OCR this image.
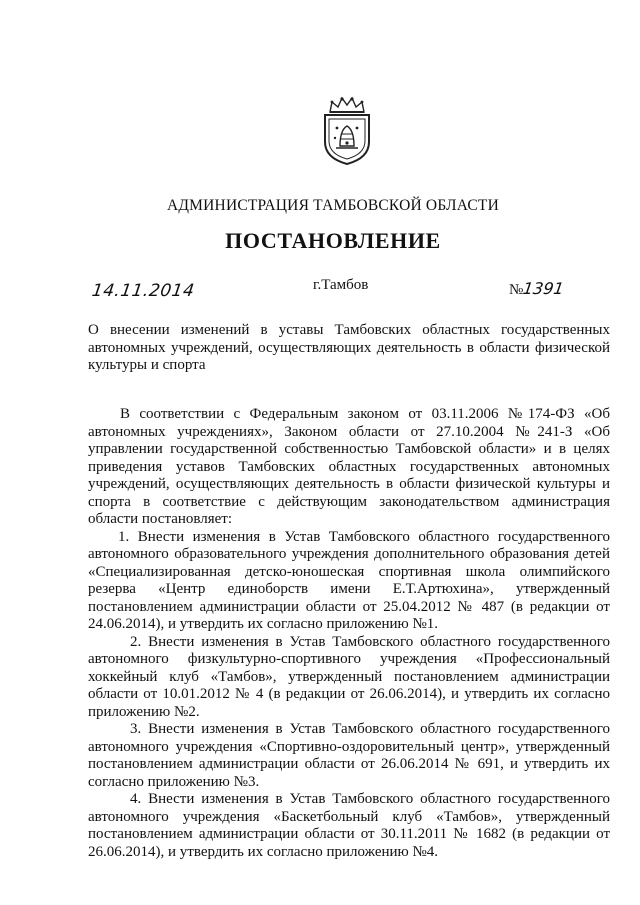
АДМИНИСТРАЦИЯ ТАМБОВСКОЙ ОБЛАСТИ
ПОСТАНОВЛЕНИЕ
14.11.2014	г.Тамбов	№1391
О внесении изменений в уставы Тамбовских областных государственных автономных учреждений, осуществляющих деятельность в области физической культуры и спорта

В соответствии с Федеральным законом от 03.11.2006 №174-ФЗ «Об автономных учреждениях», Законом области от 27.10.2004 №241-З «Об управлении государственной собственностью Тамбовской области» и в целях приведения уставов Тамбовских областных государственных автономных учреждений, осуществляющих деятельность в области физической культуры и спорта в соответствие с действующим законодательством администрация области постановляет:

1. Внести изменения в Устав Тамбовского областного государственного автономного образовательного учреждения дополнительного образования детей «Специализированная детско-юношеская спортивная школа олимпийского резерва «Центр единоборств имени Е.Т.Артюхина», утвержденный постановлением администрации области от 25.04.2012 № 487 (в редакции от 24.06.2014), и утвердить их согласно приложению №1.

2. Внести изменения в Устав Тамбовского областного государственного автономного физкультурно-спортивного учреждения «Профессиональный хоккейный клуб «Тамбов», утвержденный постановлением администрации области от 10.01.2012 № 4 (в редакции от 26.06.2014), и утвердить их согласно приложению №2.

3. Внести изменения в Устав Тамбовского областного государственного автономного учреждения «Спортивно-оздоровительный центр», утвержденный постановлением администрации области от 26.06.2014 № 691, и утвердить их согласно приложению №3.

4. Внести изменения в Устав Тамбовского областного государственного автономного учреждения «Баскетбольный клуб «Тамбов», утвержденный постановлением администрации области от 30.11.2011 № 1682 (в редакции от 26.06.2014), и утвердить их согласно приложению №4.
